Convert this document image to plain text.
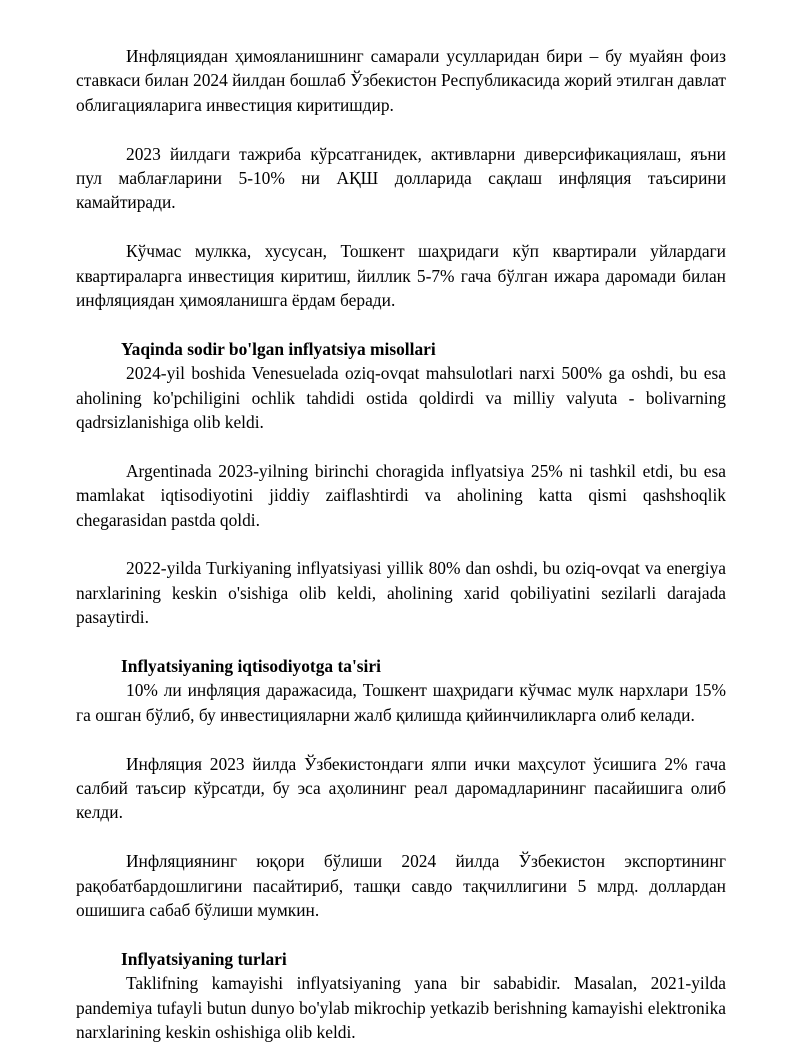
Инфляциядан ҳимояланишнинг самарали усулларидан бири – бу муайян фоиз ставкаси билан 2024 йилдан бошлаб Ўзбекистон Республикасида жорий этилган давлат облигацияларига инвестиция киритишдир.

2023 йилдаги тажриба кўрсатганидек, активларни диверсификациялаш, яъни пул маблағларини 5-10% ни АҚШ долларида сақлаш инфляция таъсирини камайтиради.

Кўчмас мулкка, хусусан, Тошкент шаҳридаги кўп квартирали уйлардаги квартираларга инвестиция киритиш, йиллик 5-7% гача бўлган ижара даромади билан инфляциядан ҳимояланишга ёрдам беради.

Yaqinda sodir bo'lgan inflyatsiya misollari

2024-yil boshida Venesuelada oziq-ovqat mahsulotlari narxi 500% ga oshdi, bu esa aholining ko'pchiligini ochlik tahdidi ostida qoldirdi va milliy valyuta - bolivarning qadrsizlanishiga olib keldi.

Argentinada 2023-yilning birinchi choragida inflyatsiya 25% ni tashkil etdi, bu esa mamlakat iqtisodiyotini jiddiy zaiflashtirdi va aholining katta qismi qashshoqlik chegarasidan pastda qoldi.

2022-yilda Turkiyaning inflyatsiyasi yillik 80% dan oshdi, bu oziq-ovqat va energiya narxlarining keskin o'sishiga olib keldi, aholining xarid qobiliyatini sezilarli darajada pasaytirdi.

Inflyatsiyaning iqtisodiyotga ta'siri

10% ли инфляция даражасида, Тошкент шаҳридаги кўчмас мулк нархлари 15% га ошган бўлиб, бу инвестицияларни жалб қилишда қийинчиликларга олиб келади.

Инфляция 2023 йилда Ўзбекистондаги ялпи ички маҳсулот ўсишига 2% гача салбий таъсир кўрсатди, бу эса аҳолининг реал даромадларининг пасайишига олиб келди.

Инфляциянинг юқори бўлиши 2024 йилда Ўзбекистон экспортининг рақобатбардошлигини пасайтириб, ташқи савдо тақчиллигини 5 млрд. доллардан ошишига сабаб бўлиши мумкин.

Inflyatsiyaning turlari

Taklifning kamayishi inflyatsiyaning yana bir sababidir. Masalan, 2021-yilda pandemiya tufayli butun dunyo bo'ylab mikrochip yetkazib berishning kamayishi elektronika narxlarining keskin oshishiga olib keldi.
